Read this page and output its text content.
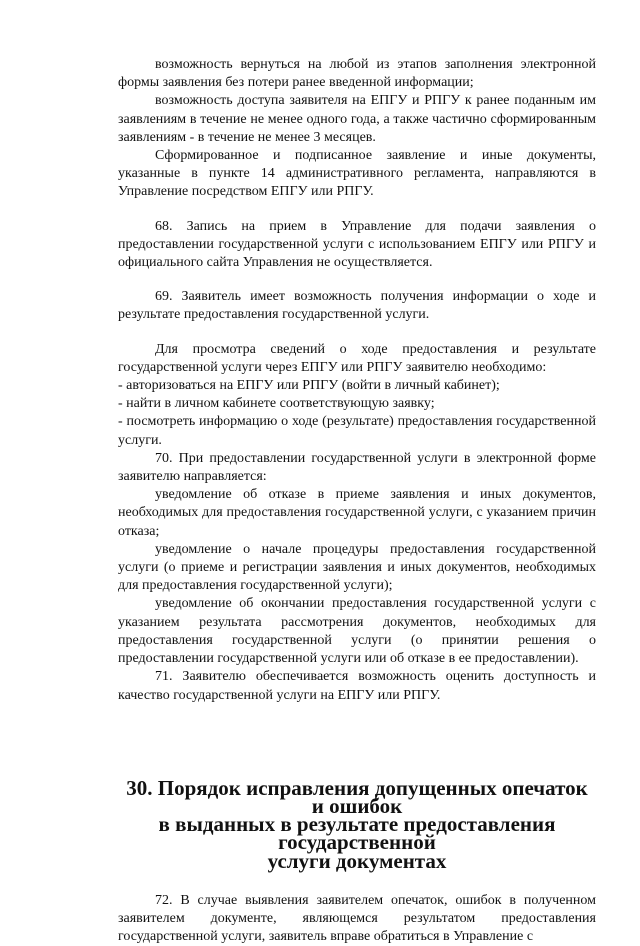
возможность вернуться на любой из этапов заполнения электронной формы заявления без потери ранее введенной информации;

возможность доступа заявителя на ЕПГУ и РПГУ к ранее поданным им заявлениям в течение не менее одного года, а также частично сформированным заявлениям - в течение не менее 3 месяцев.

Сформированное и подписанное заявление и иные документы, указанные в пункте 14 административного регламента, направляются в Управление посредством ЕПГУ или РПГУ.

68. Запись на прием в Управление для подачи заявления о предоставлении государственной услуги с использованием ЕПГУ или РПГУ и официального сайта Управления не осуществляется.

69. Заявитель имеет возможность получения информации о ходе и результате предоставления государственной услуги.

Для просмотра сведений о ходе предоставления и результате государственной услуги через ЕПГУ или РПГУ заявителю необходимо:

- авторизоваться на ЕПГУ или РПГУ (войти в личный кабинет);

- найти в личном кабинете соответствующую заявку;

- посмотреть информацию о ходе (результате) предоставления государственной услуги.

70. При предоставлении государственной услуги в электронной форме заявителю направляется:

уведомление об отказе в приеме заявления и иных документов, необходимых для предоставления государственной услуги, с указанием причин отказа;

уведомление о начале процедуры предоставления государственной услуги (о приеме и регистрации заявления и иных документов, необходимых для предоставления государственной услуги);

уведомление об окончании предоставления государственной услуги с указанием результата рассмотрения документов, необходимых для предоставления государственной услуги (о принятии решения о предоставлении государственной услуги или об отказе в ее предоставлении).

71. Заявителю обеспечивается возможность оценить доступность и качество государственной услуги на ЕПГУ или РПГУ.

30. Порядок исправления допущенных опечаток и ошибок
в выданных в результате предоставления государственной
услуги документах

72. В случае выявления заявителем опечаток, ошибок в полученном заявителем документе, являющемся результатом предоставления государственной услуги, заявитель вправе обратиться в Управление с
